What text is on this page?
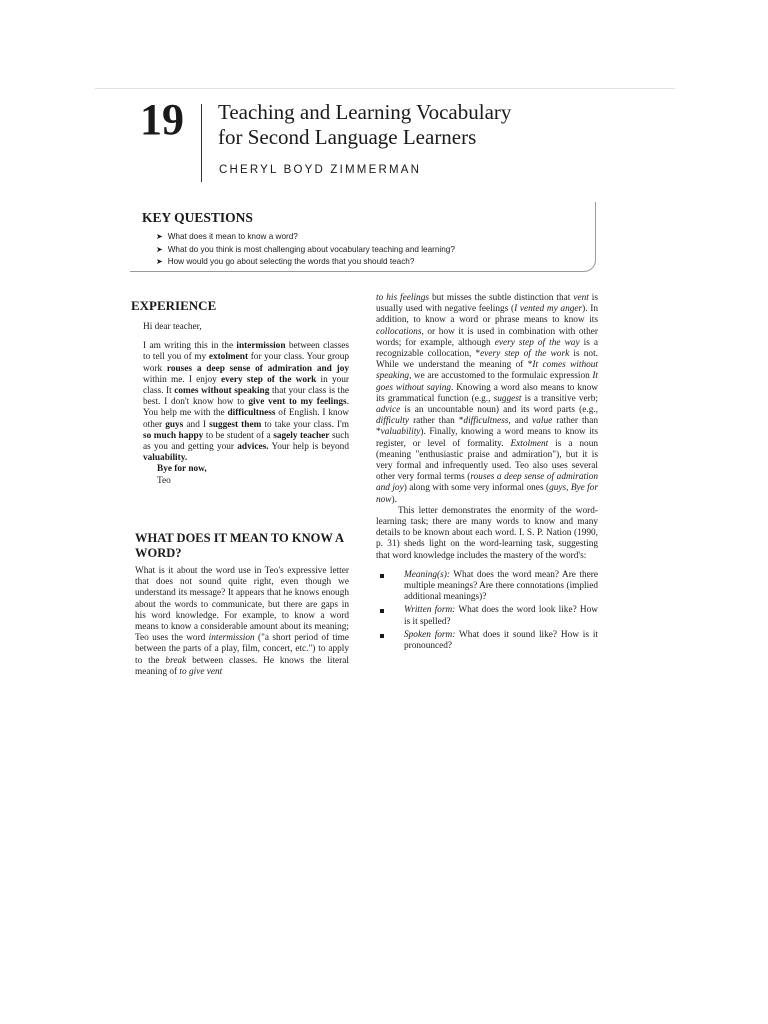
19 Teaching and Learning Vocabulary
for Second Language Learners
CHERYL BOYD ZIMMERMAN
KEY QUESTIONS
➤ What does it mean to know a word?
➤ What do you think is most challenging about vocabulary teaching and learning?
➤ How would you go about selecting the words that you should teach?
EXPERIENCE

Hi dear teacher,

I am writing this in the intermission between classes to tell you of my extolment for your class. Your group work rouses a deep sense of admiration and joy within me. I enjoy every step of the work in your class. It comes without speaking that your class is the best. I don't know how to give vent to my feelings. You help me with the difficultness of English. I know other guys and I suggest them to take your class. I'm so much happy to be student of a sagely teacher such as you and getting your advices. Your help is beyond valuability.

Bye for now,

Teo

WHAT DOES IT MEAN TO KNOW A WORD?

What is it about the word use in Teo's expressive letter that does not sound quite right, even though we understand its message? It appears that he knows enough about the words to communicate, but there are gaps in his word knowledge. For example, to know a word means to know a considerable amount about its meaning; Teo uses the word intermission ("a short period of time between the parts of a play, film, concert, etc.") to apply to the break between classes. He knows the literal meaning of to give vent

to his feelings but misses the subtle distinction that vent is usually used with negative feelings (I vented my anger). In addition, to know a word or phrase means to know its collocations, or how it is used in combination with other words; for example, although every step of the way is a recognizable collocation, *every step of the work is not. While we understand the meaning of *It comes without speaking, we are accustomed to the formulaic expression It goes without saying. Knowing a word also means to know its grammatical function (e.g., suggest is a transitive verb; advice is an uncountable noun) and its word parts (e.g., difficulty rather than *difficultness, and value rather than *valuability). Finally, knowing a word means to know its register, or level of formality. Extolment is a noun (meaning "enthusiastic praise and admiration"), but it is very formal and infrequently used. Teo also uses several other very formal terms (rouses a deep sense of admiration and joy) along with some very informal ones (guys, Bye for now).

This letter demonstrates the enormity of the word-learning task; there are many words to know and many details to be known about each word. I. S. P. Nation (1990, p. 31) sheds light on the word-learning task, suggesting that word knowledge includes the mastery of the word's:

Meaning(s): What does the word mean? Are there multiple meanings? Are there connotations (implied additional meanings)?
Written form: What does the word look like? How is it spelled?
Spoken form: What does it sound like? How is it pronounced?
